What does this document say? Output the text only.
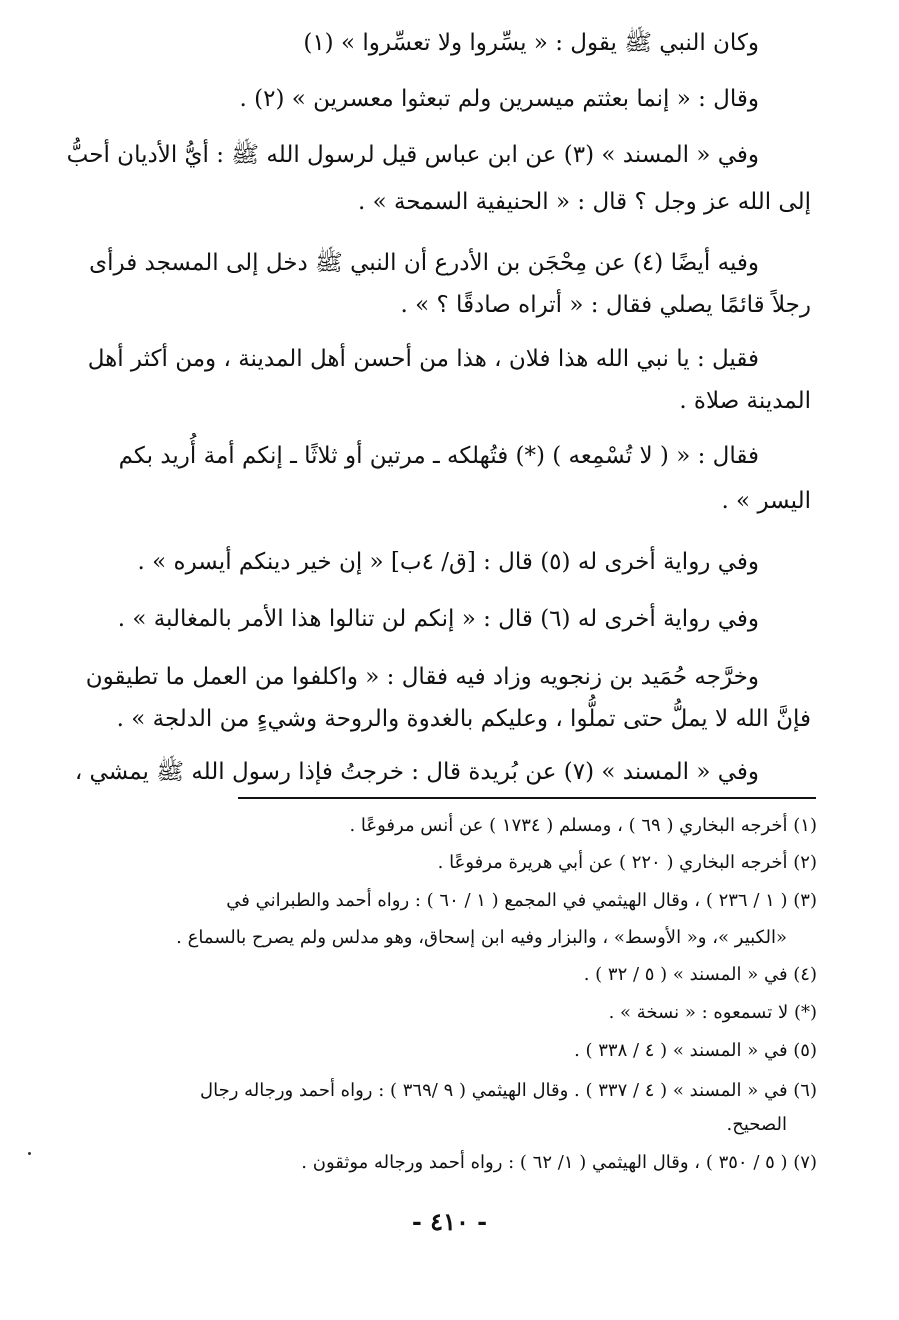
وكان النبي ﷺ يقول : « يسِّروا ولا تعسِّروا » (١)
وقال : « إنما بعثتم ميسرين ولم تبعثوا معسرين » (٢) .
وفي « المسند » (٣) عن ابن عباس قيل لرسول الله ﷺ : أيُّ الأديان أحبُّ
إلى الله عز وجل ؟ قال : « الحنيفية السمحة » .
وفيه أيضًا (٤) عن مِحْجَن بن الأدرع أن النبي ﷺ دخل إلى المسجد فرأى
رجلاً قائمًا يصلي فقال : « أتراه صادقًا ؟ » .
فقيل : يا نبي الله هذا فلان ، هذا من أحسن أهل المدينة ، ومن أكثر أهل
المدينة صلاة .
فقال : « ( لا تُسْمِعه ) (*) فتُهلكه ـ مرتين أو ثلاثًا ـ إنكم أمة أُريد بكم
اليسر » .
وفي رواية أخرى له (٥) قال : [ق/ ٤ب] « إن خير دينكم أيسره » .
وفي رواية أخرى له (٦) قال : « إنكم لن تنالوا هذا الأمر بالمغالبة » .
وخرَّجه حُمَيد بن زنجويه وزاد فيه فقال : « واكلفوا من العمل ما تطيقون
فإنَّ الله لا يملُّ حتى تملُّوا ، وعليكم بالغدوة والروحة وشيءٍ من الدلجة » .
وفي « المسند » (٧) عن بُريدة قال : خرجتُ فإذا رسول الله ﷺ يمشي ،
(١) أخرجه البخاري ( ٦٩ ) ، ومسلم ( ١٧٣٤ ) عن أنس مرفوعًا .
(٢) أخرجه البخاري ( ٢٢٠ ) عن أبي هريرة مرفوعًا .
(٣) ( ١ / ٢٣٦ ) ، وقال الهيثمي في المجمع ( ١ / ٦٠ ) : رواه أحمد والطبراني في
«الكبير »، و« الأوسط» ، والبزار وفيه ابن إسحاق، وهو مدلس ولم يصرح بالسماع .
(٤) في « المسند » ( ٥ / ٣٢ ) .
(*) لا تسمعوه : « نسخة » .
(٥) في « المسند » ( ٤ / ٣٣٨ ) .
(٦) في « المسند » ( ٤ / ٣٣٧ ) . وقال الهيثمي ( ٩ /٣٦٩ ) : رواه أحمد ورجاله رجال
الصحيح.
(٧) ( ٥ / ٣٥٠ ) ، وقال الهيثمي ( ١/ ٦٢ ) : رواه أحمد ورجاله موثقون .
- ٤١٠ -
